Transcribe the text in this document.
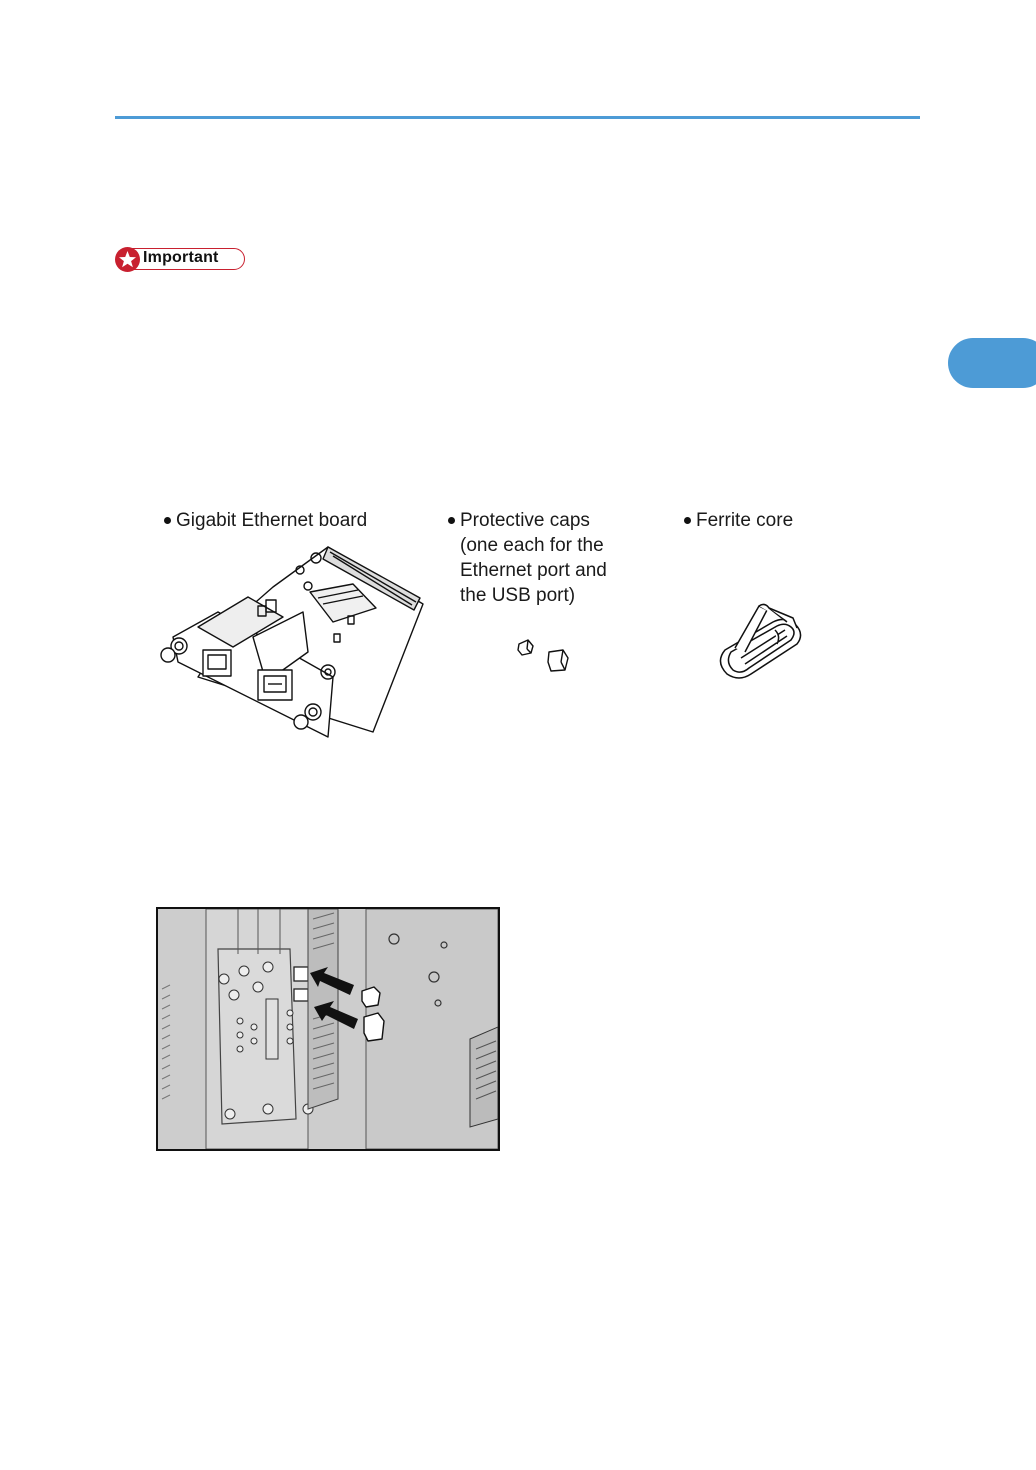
Important
Gigabit Ethernet board	Protective caps
(one each for the
Ethernet port and
the USB port)
Ferrite core
